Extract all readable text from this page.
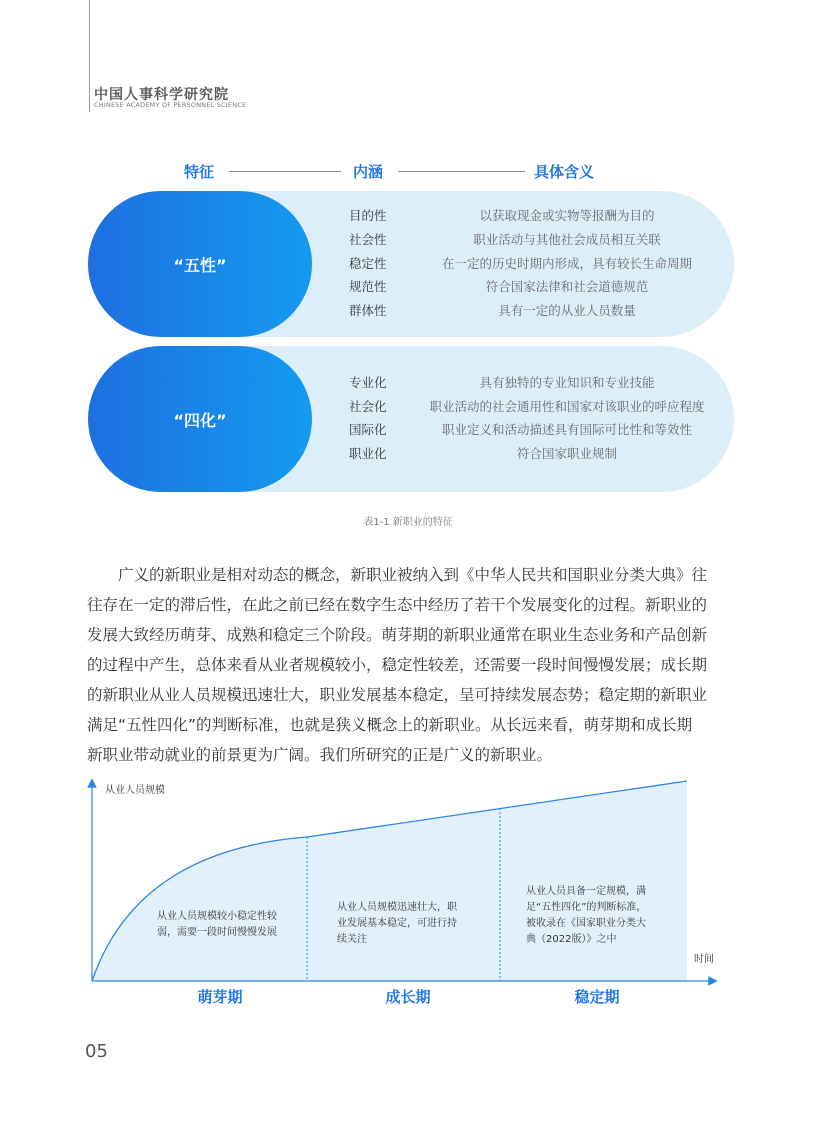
中国人事科学研究院
CHINESE ACADEMY OF PERSONNEL SCIENCE
特征	内涵	具体含义
“五性”
目的性	以获取现金或实物等报酬为目的
社会性	职业活动与其他社会成员相互关联
稳定性	在一定的历史时期内形成，具有较长生命周期
规范性	符合国家法律和社会道德规范
群体性	具有一定的从业人员数量
“四化”
专业化	具有独特的专业知识和专业技能
社会化	职业活动的社会通用性和国家对该职业的呼应程度
国际化	职业定义和活动描述具有国际可比性和等效性
职业化	符合国家职业规制
表1-1 新职业的特征

广义的新职业是相对动态的概念，新职业被纳入到《中华人民共和国职业分类大典》往
往存在一定的滞后性，在此之前已经在数字生态中经历了若干个发展变化的过程。新职业的
发展大致经历萌芽、成熟和稳定三个阶段。萌芽期的新职业通常在职业生态业务和产品创新
的过程中产生，总体来看从业者规模较小，稳定性较差，还需要一段时间慢慢发展；成长期
的新职业从业人员规模迅速壮大，职业发展基本稳定，呈可持续发展态势；稳定期的新职业
满足“五性四化”的判断标准，也就是狭义概念上的新职业。从长远来看，萌芽期和成长期
新职业带动就业的前景更为广阔。我们所研究的正是广义的新职业。

从业人员规模
时间
从业人员规模较小稳定性较
弱，需要一段时间慢慢发展
从业人员规模迅速壮大，职
业发展基本稳定，可进行持
续关注
从业人员具备一定规模，满
足“五性四化”的判断标准，
被收录在《国家职业分类大
典（2022版）》之中
萌芽期	成长期	稳定期
05
